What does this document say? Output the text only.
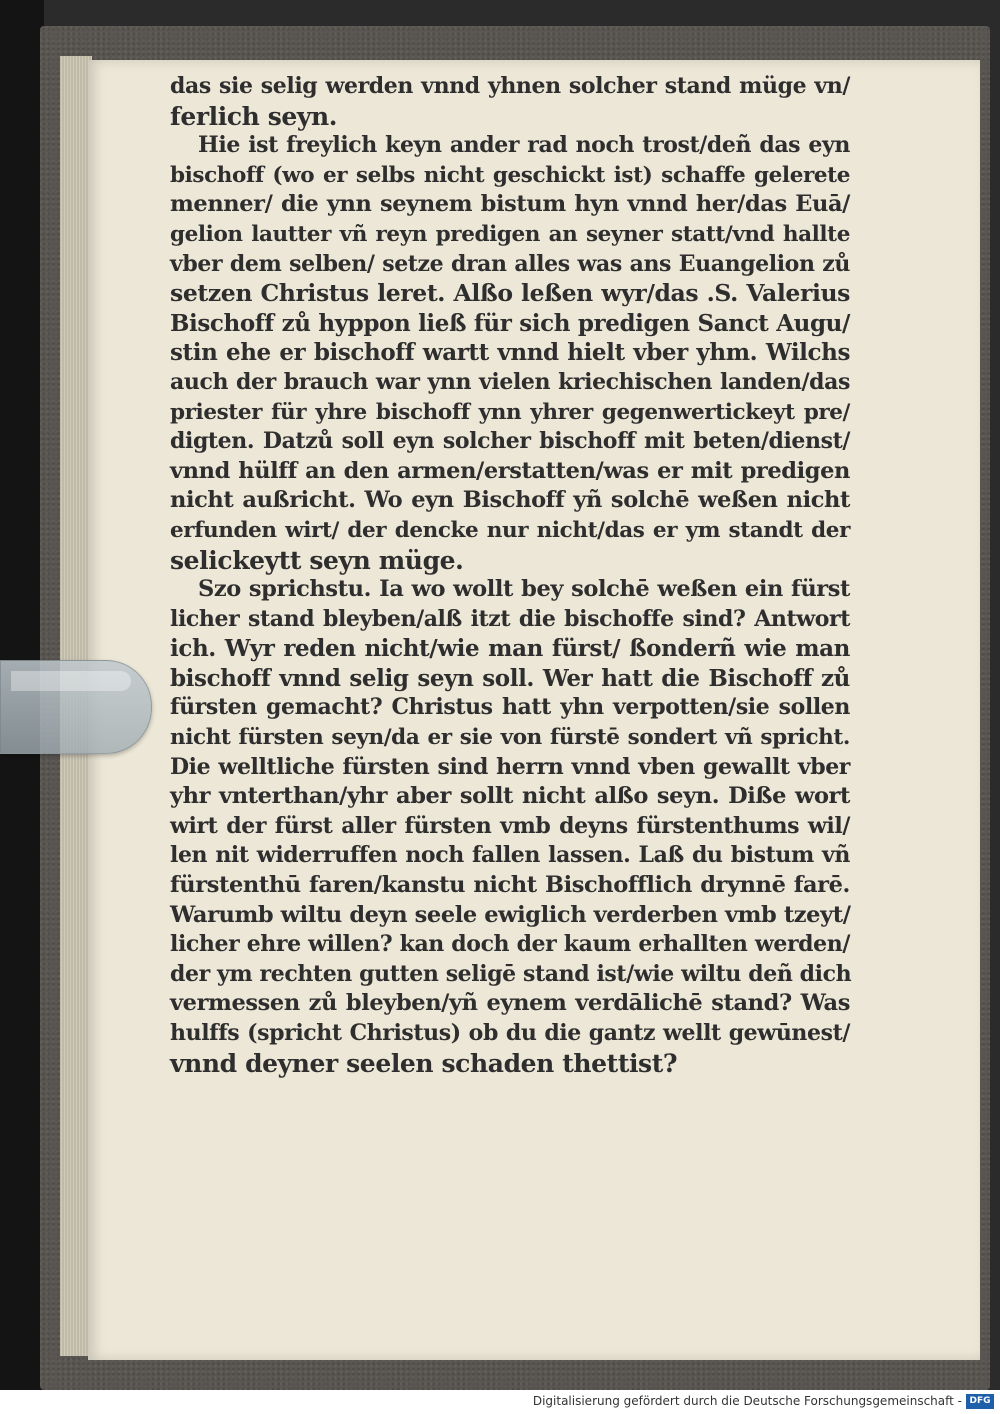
das sie selig werden vnnd yhnen solcher stand müge vn/
ferlich seyn.
Hie ist freylich keyn ander rad noch trost/deñ das eyn
bischoff (wo er selbs nicht geschickt ist) schaffe gelerete
menner/ die ynn seynem bistum hyn vnnd her/das Euā/
gelion lautter vñ reyn predigen an seyner statt/vnd hallte
vber dem selben/ setze dran alles was ans Euangelion zů
setzen Christus leret. Alßo leßen wyr/das .S. Valerius
Bischoff zů hyppon ließ für sich predigen Sanct Augu/
stin ehe er bischoff wartt vnnd hielt vber yhm. Wilchs
auch der brauch war ynn vielen kriechischen landen/das
priester für yhre bischoff ynn yhrer gegenwertickeyt pre/
digten. Datzů soll eyn solcher bischoff mit beten/dienst/
vnnd hülff an den armen/erstatten/was er mit predigen
nicht außricht. Wo eyn Bischoff yñ solchē weßen nicht
erfunden wirt/ der dencke nur nicht/das er ym standt der
selickeytt seyn müge.
Szo sprichstu. Ia wo wollt bey solchē weßen ein fürst
licher stand bleyben/alß itzt die bischoffe sind? Antwort
ich. Wyr reden nicht/wie man fürst/ ßonderñ wie man
bischoff vnnd selig seyn soll. Wer hatt die Bischoff zů
fürsten gemacht? Christus hatt yhn verpotten/sie sollen
nicht fürsten seyn/da er sie von fürstē sondert vñ spricht.
Die welltliche fürsten sind herrn vnnd vben gewallt vber
yhr vnterthan/yhr aber sollt nicht alßo seyn. Diße wort
wirt der fürst aller fürsten vmb deyns fürstenthums wil/
len nit widerruffen noch fallen lassen. Laß du bistum vñ
fürstenthū faren/kanstu nicht Bischofflich drynnē farē.
Warumb wiltu deyn seele ewiglich verderben vmb tzeyt/
licher ehre willen? kan doch der kaum erhallten werden/
der ym rechten gutten seligē stand ist/wie wiltu deñ dich
vermessen zů bleyben/yñ eynem verdālichē stand? Was
hulffs (spricht Christus) ob du die gantz wellt gewūnest/
vnnd deyner seelen schaden thettist?
Digitalisierung gefördert durch die Deutsche Forschungsgemeinschaft - DFG
